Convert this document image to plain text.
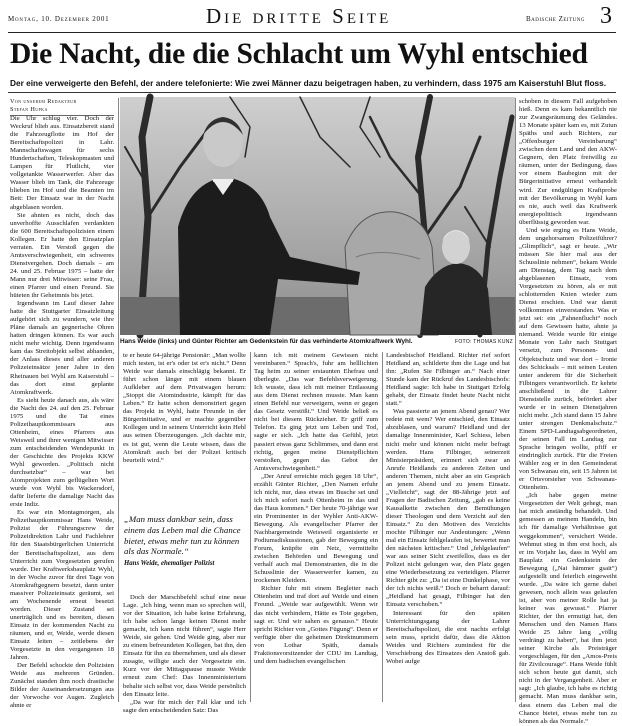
Montag, 10. Dezember 2001	Die dritte Seite	Badische Zeitung 3
Die Nacht, die die Schlacht um Wyhl entschied
Der eine verweigerte den Befehl, der andere telefonierte: Wie zwei Männer dazu beigetragen haben, zu verhindern, dass 1975 am Kaiserstuhl Blut floss.
Von unserem Redakteur
Stefan Hupka
Hans Weide (links) und Günter Richter am Gedenkstein für das verhinderte Atomkraftwerk Wyhl.	FOTO: THOMAS KUNZ

Die Uhr schlug vier. Doch der Weckruf blieb aus. Einsatzbereit stand die Fahrzeugflotte im Hof der Bereitschaftspolizei in Lahr. Mannschaftswagen für sechs Hundertschaften, Teleskopmasten und Lampen für Flutlicht, vier vollgetankte Wasserwerfer. Aber das Wasser blieb im Tank, die Fahrzeuge blieben im Hof und die Beamten im Bett: Der Einsatz war in der Nacht abgeblasen worden.

Sie ahnten es nicht, doch das unverhoffte Ausschlafen verdankten die 600 Bereitschaftspolizisten einem Kollegen. Er hatte den Einsatzplan verraten. Ein Verstoß gegen die Amtsverschwiegenheit, ein schweres Dienstvergehen. Doch damals – am 24. und 25. Februar 1975 – hatte der Mann nur drei Mitwisser: seine Frau, einen Pfarrer und einen Freund. Sie hüteten ihr Geheimnis bis jetzt.

Irgendwann im Lauf dieser Jahre hatte die Stuttgarter Einsatzleitung aufgehört sich zu wundern, wie ihre Pläne damals an gegnerische Ohren hatten dringen können. Es war auch nicht mehr wichtig. Denn irgendwann kam das Streitobjekt selbst abhanden, der Anlass dieses und aller anderen Polizeieinsätze jener Jahre in den Rheinauen bei Wyhl am Kaiserstuhl – das dort einst geplante Atomkraftwerk.

Es sieht heute danach aus, als wäre die Nacht des 24. auf den 25. Februar 1975 und die Tat eines Polizeihauptkommissars aus Ottenheim, eines Pfarrers aus Weisweil und ihrer wenigen Mitwisser zum entscheidenden Wendepunkt in der Geschichte des Projekts KKW Wyhl geworden. „Politisch nicht durchsetzbar“ – war bei Atomprojekten zum geflügelten Wort wurde von Wyhl bis Wackersdorf, dafür lieferte die damalige Nacht das erste Indiz.

Es war ein Montagmorgen, als Polizeihauptkommissar Hans Weide, Polizist der Führungscrew der Polizeidirektion Lahr und Fachlehrer für den Staatsbürgerlichen Unterricht der Bereitschaftspolizei, aus dem Unterricht zum Vorgesetzten gerufen wurde. Der Kraftwerksbauplatz Wyhl, in der Woche zuvor für drei Tage von Atomkraftgegnern besetzt, dann unter massiver Polizeieinsatz geräumt, sei am Wochenende erneut besetzt worden. Dieser Zustand sei unerträglich und es bereiten, diesen Einsatz in der kommenden Nacht zu räumen, und er, Weide, werde diesen Einsatz leiten – zeitlebens der Vorgesetzte in den vergangenen 18 Jahren.

Der Befehl schockte den Polizisten Weide aus mehreren Gründen. Zunächst standen ihm noch drastische Bilder der Auseinandersetzungen aus der Vorwoche vor Augen. Zugleich ahnte er

te er heute 64-jährige Pensionär: „Man wollte mich testen, ist er's oder ist er's nicht.“ Denn Weide war damals einschlägig bekannt. Er führt schon länger mit einem blauen Aufkleber auf dem Privatwagen herum: „Stoppt die Atomindustrie, kämpft für das Leben.“ Er hatte schon demonstriert gegen das Projekt in Wyhl, hatte Freunde in der Bürgerinitiative, und er machte gegenüber Kollegen und in seinem Unterricht kein Hehl aus seinen Überzeugungen. „Ich dachte mir, es ist gut, wenn die Leute wissen, dass die Atomkraft auch bei der Polizei kritisch beurteilt wird.“

„Man muss dankbar sein, dass einem das Leben mal die Chance bietet, etwas mehr tun zu können als das Normale.“
Hans Weide, ehemaliger Polizist

Doch der Marschbefehl schuf eine neue Lage. „Ich hing, wenn man so sprechen will, vor der Situation, ich habe keine Erfahrung, ich habe schon lange keinen Dienst mehr gemacht, ich kann nicht führen“, sagte Herr Weide, sie gehen. Und Weide ging, aber nur zu einem befreundeten Kollegen, bat ihn, den Einsatz für ihn zu übernehmen, und als dieser zusagte, willigte auch der Vorgesetzte ein. Kurz vor der Mittagspause musste Weide erneut zum Chef: Das Innenministerium behalte sich selbst vor, dass Weide persönlich den Einsatz leite.

„Da war für mich der Fall klar und ich sagte den entscheidenden Satz: Das

kann ich mit meinem Gewissen nicht vereinbaren.“ Sprach's, fuhr am helllichten Tag heim zu seiner erstaunten Ehefrau und überlegte. „Das war Befehlsverweigerung. Ich wusste, dass ich mit meiner Entlassung aus dem Dienst rechnen musste. Man kann einen Befehl nur verweigern, wenn er gegen das Gesetz verstößt.“ Und Weide beließ es nicht bei diesem Rückzieher. Er griff zum Telefon. Es ging jetzt um Leben und Tod, sagte er sich. „Ich hatte das Gefühl, jetzt passiert etwas ganz Schlimmes, und dann erst richtig, gegen meine Dienstpflichten verstoßen, gegen das Gebot der Amtsverschwiegenheit.“

„Der Anruf erreichte mich gegen 18 Uhr“, erzählt Günter Richter, „Den Namen erfuhr ich nicht, nur, dass etwas im Busche sei und ich mich sofort nach Ottenheim in das und das Haus kommen.“ Der heute 70-jährige war ein Prominenter in der Wyhler Anti-AKW-Bewegung. Als evangelischer Pfarrer der Nachbargemeinde Weisweil organisierte er Podiumsdiskussionen, gab der Bewegung ein Forum, knüpfte ein Netz, vermittelte zwischen Behörden und Bewegung und verhalf auch mal Demonstranten, die in die Schusslinie der Wasserwerfer kamen, zu trockenen Kleidern.

Richter fuhr mit einem Begleiter nach Ottenheim und traf dort auf Weide und einen Freund. „Weide war aufgewühlt. Wenn wir das nicht verhindern, Hätte es Tote gegeben, sagt er. Und wir sahen es genauso.“ Heute spricht Richter von „Gottes Fügung“. Denn er verfügte über die geheimen Direktnummern von Lothar Späth, damals Fraktionsvorsitzender der CDU im Landtag, und dem badischen evangelischen

Landesbischof Heidland. Richter rief sofort Heidland an, schilderte ihm die Lage und bat ihn: „Rufen Sie Filbinger an.“ Nach einer Stunde kam der Rückruf des Landesbischofs: Heidland sagte: Ich habe in Stuttgart Erfolg gehabt, der Einsatz findet heute Nacht nicht statt.“

Was passierte an jenem Abend genau? Wer redete mit wem? Wer entschied, den Einsatz abzublasen, und warum? Heidland und der damalige Innenminister, Karl Schiess, leben nicht mehr und können nicht mehr befragt werden. Hans Filbinger, seinerzeit Ministerpräsident, erinnert sich zwar an Anrufe Heidlands zu anderen Zeiten und anderen Themen, nicht aber an ein Gespräch an jenem Abend und zu jenem Einsatz. „Vielleicht“, sagt der 88-Jährige jetzt auf Fragen der Badischen Zeitung, „gab es keine Kausalkette zwischen den Bemühungen dieser Theologen und dem Verzicht auf den Einsatz.“ Zu den Motiven des Verzichts mochte Filbinger nur Andeutungen: „Wenn mal ein Einsatz fehlgelaufen ist, bewertet man den nächsten kritischer.“ Und „fehlgelaufen“ war aus seiner Sicht zweifellos, dass es der Polizei nicht gelungen war, den Platz gegen eine Wiederbesetzung zu verteidigen. Pfarrer Richter gibt zu: „Da ist eine Dunkelphase, vor der ich nichts weiß.“ Doch er beharrt darauf: „Heidland hat gesagt, Filbinger hat den Einsatz verschoben.“

Interessant für den späten Unterrichtungsgang der Lahrer Bereitschaftspolizei, die erst nachts erfolgt sein muss, spricht dafür, dass die Aktion Weides und Richters zumindest für die Verschiebung des Einsatzes den Anstoß gab. Wobei aufge

schoben in diesem Fall aufgehoben hieß. Denn es kam bekanntlich nie zur Zwangsräumung des Geländes. 13 Monate später kam es, mit Zutun Späths und auch Richters, zur „Offenburger Vereinbarung“ zwischen dem Land und den AKW-Gegnern, den Platz freiwillig zu räumen, unter der Bedingung, dass vor einem Baubeginn mit der Bürgerinitiative erneut verhandelt wird. Zur endgültigen Kraftprobe mit der Bevölkerung in Wyhl kam es nie, auch weil das Kraftwerk energiepolitisch irgendwann überflüssig geworden war.

Und wie erging es Hans Weide, dem ungehorsamen Polizeiführer? „Glimpflich“, sagt er heute. „Wir müssen Sie hier mal aus der Schusslinie nehmen“, bekam Weide am Dienstag, dem Tag nach dem abgeblasenen Einsatz, vom Vorgesetzten zu hören, als er mit schlotternden Knien wieder zum Dienst erschien. Und war damit vollkommen einverstanden. Was er jetzt sei: ein „Fahnenflucht“ noch auf dem Gewissen hatte, ahnte ja niemand. Weide wurde für einige Monate von Lahr nach Stuttgart versetzt, zum Personen- und Objektschutz und war dort – Ironie des Schicksals – mit seinen Leuten unter anderem für die Sicherheit Filbingers verantwortlich. Er kehrte anschließend in die Lahrer Dienststelle zurück, befördert aber wurde er in seinen Dienstjahren nicht mehr. „Ich stand dann 15 Jahre unter strengen Denkmalschutz.“ Einem SPD-Landtagsabgeordneten, der seinen Fall im Landtag zur Sprache bringen wollte, pfiff er eindringlich zurück. Für die Freien Wähler zog er in den Gemeinderat von Schwanau ein, seit 15 Jahren ist er Ortsvorsteher von Schwanau-Ottenheim.

„Ich habe gegen meine Vorgesetzten der Welt gehegt, man hat mich anständig behandelt. Und gemessen an meinem Handeln, bin ich für damalige Verhältnisse gut weggekommen“, versichert Weide. Wehmut stieg in ihm erst hoch, als er im Vorjahr las, dass in Wyhl am Bauplatz ein Gedenkstein der Bewegung („Nai hämmer gsait“) aufgestellt und feierlich eingeweiht wurde. „Da wäre ich gerne dabei gewesen, noch allein was gelaufen ist, aber von meiner Rolle hat ja keiner was gewusst.“ Pfarrer Richter, der ihn ermutigt hat, den Menschen und den Namen Hans Weide 25 Jahre lang „völlig verdrängt zu haben“, hat ihm jetzt seiner Kirche als Preisträger vorgeschlagen, für den „Amos-Preis für Zivilcourage“. Hans Weide fühlt sich schon heute gut damit, sich nicht in der Vergangenheit. Aber er sagt: „Ich glaube, ich habe es richtig gemacht. Man muss dankbar sein, dass einem das Leben mal die Chance bietet, etwas mehr tun zu können als das Normale.“
